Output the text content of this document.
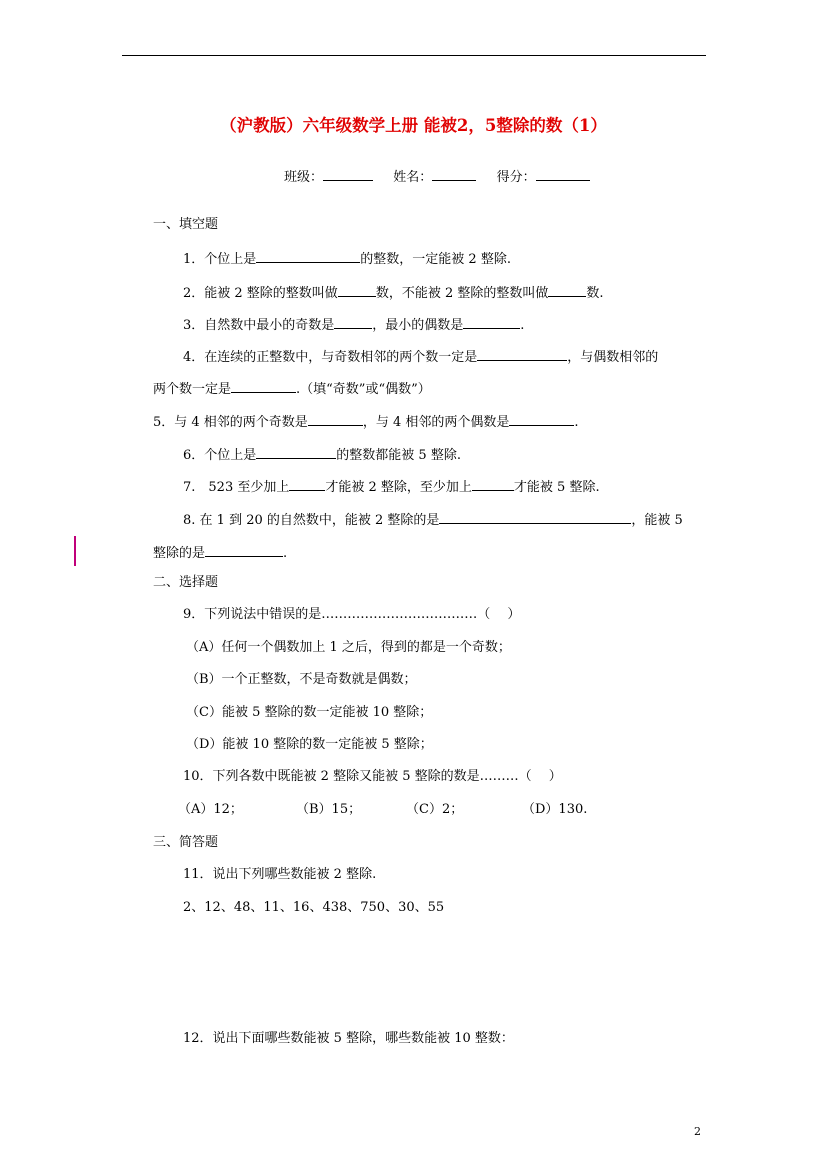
（沪教版）六年级数学上册 能被2，5整除的数（1）
班级：	姓名：	得分：
一、填空题
1．个位上是	的整数，一定能被 2 整除.
2．能被 2 整除的整数叫做	数，不能被 2 整除的整数叫做	数.
3．自然数中最小的奇数是	，最小的偶数是	.
4．在连续的正整数中，与奇数相邻的两个数一定是	，与偶数相邻的
两个数一定是	.（填“奇数”或“偶数”）
5．与 4 相邻的两个奇数是	，与 4 相邻的两个偶数是	.
6．个位上是	的整数都能被 5 整除.
7.　523 至少加上	才能被 2 整除，至少加上	才能被 5 整除.
8. 在 1 到 20 的自然数中，能被 2 整除的是	，能被 5
整除的是	.
二、选择题
9．下列说法中错误的是………………………………（　 ）
（A）任何一个偶数加上 1 之后，得到的都是一个奇数；
（B）一个正整数，不是奇数就是偶数；
（C）能被 5 整除的数一定能被 10 整除；
（D）能被 10 整除的数一定能被 5 整除；
10．下列各数中既能被 2 整除又能被 5 整除的数是………（　 ）
（A）12；	（B）15；	（C）2；	（D）130.
三、简答题
11．说出下列哪些数能被 2 整除.
2、12、48、11、16、438、750、30、55
12．说出下面哪些数能被 5 整除，哪些数能被 10 整数：
2
